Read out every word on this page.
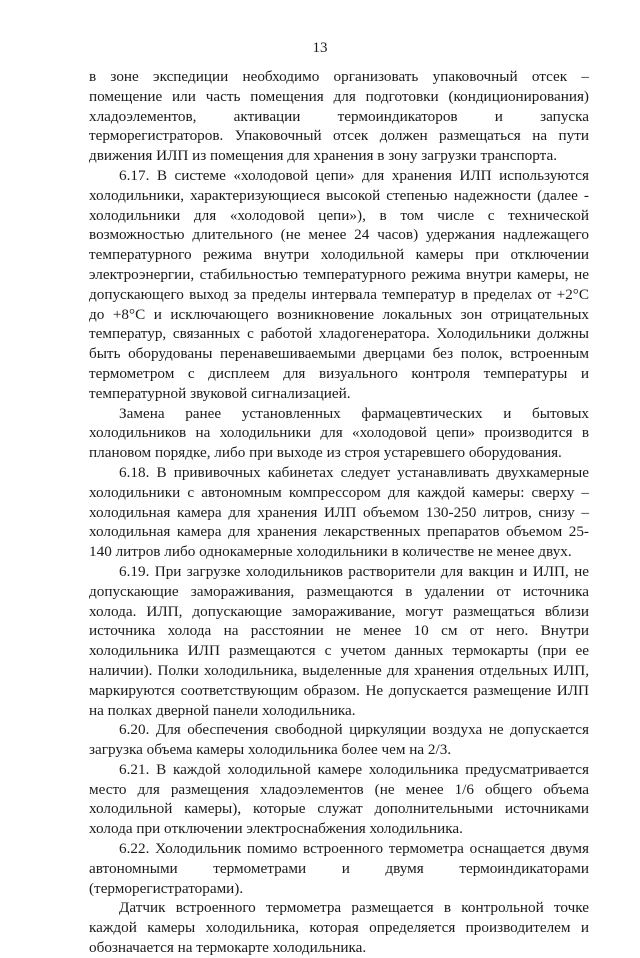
13

в зоне экспедиции необходимо организовать упаковочный отсек – помещение или часть помещения для подготовки (кондиционирования) хладоэлементов, активации термоиндикаторов и запуска терморегистраторов. Упаковочный отсек должен размещаться на пути движения ИЛП из помещения для хранения в зону загрузки транспорта.

6.17. В системе «холодовой цепи» для хранения ИЛП используются холодильники, характеризующиеся высокой степенью надежности (далее - холодильники для «холодовой цепи»), в том числе с технической возможностью длительного (не менее 24 часов) удержания надлежащего температурного режима внутри холодильной камеры при отключении электроэнергии, стабильностью температурного режима внутри камеры, не допускающего выход за пределы интервала температур в пределах от +2°C до +8°C и исключающего возникновение локальных зон отрицательных температур, связанных с работой хладогенератора. Холодильники должны быть оборудованы перенавешиваемыми дверцами без полок, встроенным термометром с дисплеем для визуального контроля температуры и температурной звуковой сигнализацией.

Замена ранее установленных фармацевтических и бытовых холодильников на холодильники для «холодовой цепи» производится в плановом порядке, либо при выходе из строя устаревшего оборудования.

6.18. В прививочных кабинетах следует устанавливать двухкамерные холодильники с автономным компрессором для каждой камеры: сверху – холодильная камера для хранения ИЛП объемом 130-250 литров, снизу – холодильная камера для хранения лекарственных препаратов объемом 25-140 литров либо однокамерные холодильники в количестве не менее двух.

6.19. При загрузке холодильников растворители для вакцин и ИЛП, не допускающие замораживания, размещаются в удалении от источника холода. ИЛП, допускающие замораживание, могут размещаться вблизи источника холода на расстоянии не менее 10 см от него. Внутри холодильника ИЛП размещаются с учетом данных термокарты (при ее наличии). Полки холодильника, выделенные для хранения отдельных ИЛП, маркируются соответствующим образом. Не допускается размещение ИЛП на полках дверной панели холодильника.

6.20. Для обеспечения свободной циркуляции воздуха не допускается загрузка объема камеры холодильника более чем на 2/3.

6.21. В каждой холодильной камере холодильника предусматривается место для размещения хладоэлементов (не менее 1/6 общего объема холодильной камеры), которые служат дополнительными источниками холода при отключении электроснабжения холодильника.

6.22. Холодильник помимо встроенного термометра оснащается двумя автономными термометрами и двумя термоиндикаторами (терморегистраторами).

Датчик встроенного термометра размещается в контрольной точке каждой камеры холодильника, которая определяется производителем и обозначается на термокарте холодильника.
